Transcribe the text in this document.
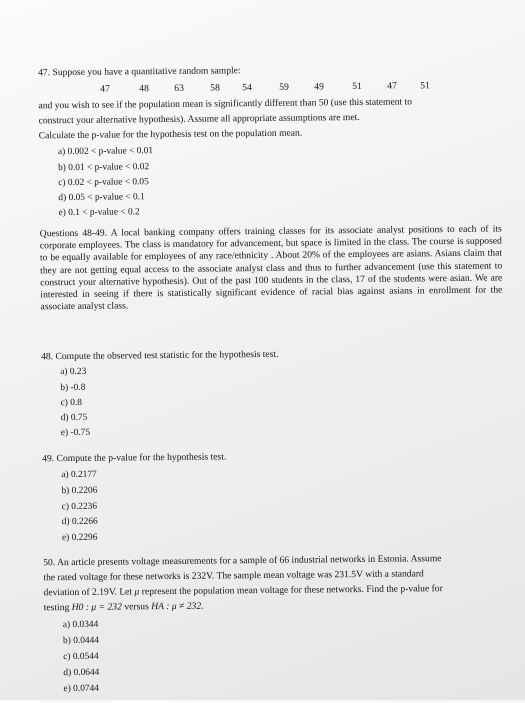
47. Suppose you have a quantitative random sample:
47	48	63	58 54	59	49	51	47 51
and you wish to see if the population mean is significantly different than 50 (use this statement to
construct your alternative hypothesis). Assume all appropriate assumptions are met.
Calculate the p-value for the hypothesis test on the population mean.
a) 0.002 < p-value < 0.01
b) 0.01 < p-value < 0.02
c) 0.02 < p-value < 0.05
d) 0.05 < p-value < 0.1
e) 0.1 < p-value < 0.2
Questions 48-49. A local banking company offers training classes for its associate analyst positions to each of its corporate employees. The class is mandatory for advancement, but space is limited in the class. The course is supposed to be equally available for employees of any race/ethnicity . About 20% of the employees are asians. Asians claim that they are not getting equal access to the associate analyst class and thus to further advancement (use this statement to construct your alternative hypothesis). Out of the past 100 students in the class, 17 of the students were asian. We are interested in seeing if there is statistically significant evidence of racial bias against asians in enrollment for the associate analyst class.
48. Compute the observed test statistic for the hypothesis test.
a) 0.23
b) -0.8
c) 0.8
d) 0.75
e) -0.75
49. Compute the p-value for the hypothesis test.
a) 0.2177
b) 0.2206
c) 0.2236
d) 0.2266
e) 0.2296
50. An article presents voltage measurements for a sample of 66 industrial networks in Estonia. Assume
the rated voltage for these networks is 232V. The sample mean voltage was 231.5V with a standard
deviation of 2.19V. Let μ represent the population mean voltage for these networks. Find the p-value for
testing H0 : μ = 232 versus HA : μ ≠ 232.
a) 0.0344
b) 0.0444
c) 0.0544
d) 0.0644
e) 0.0744
